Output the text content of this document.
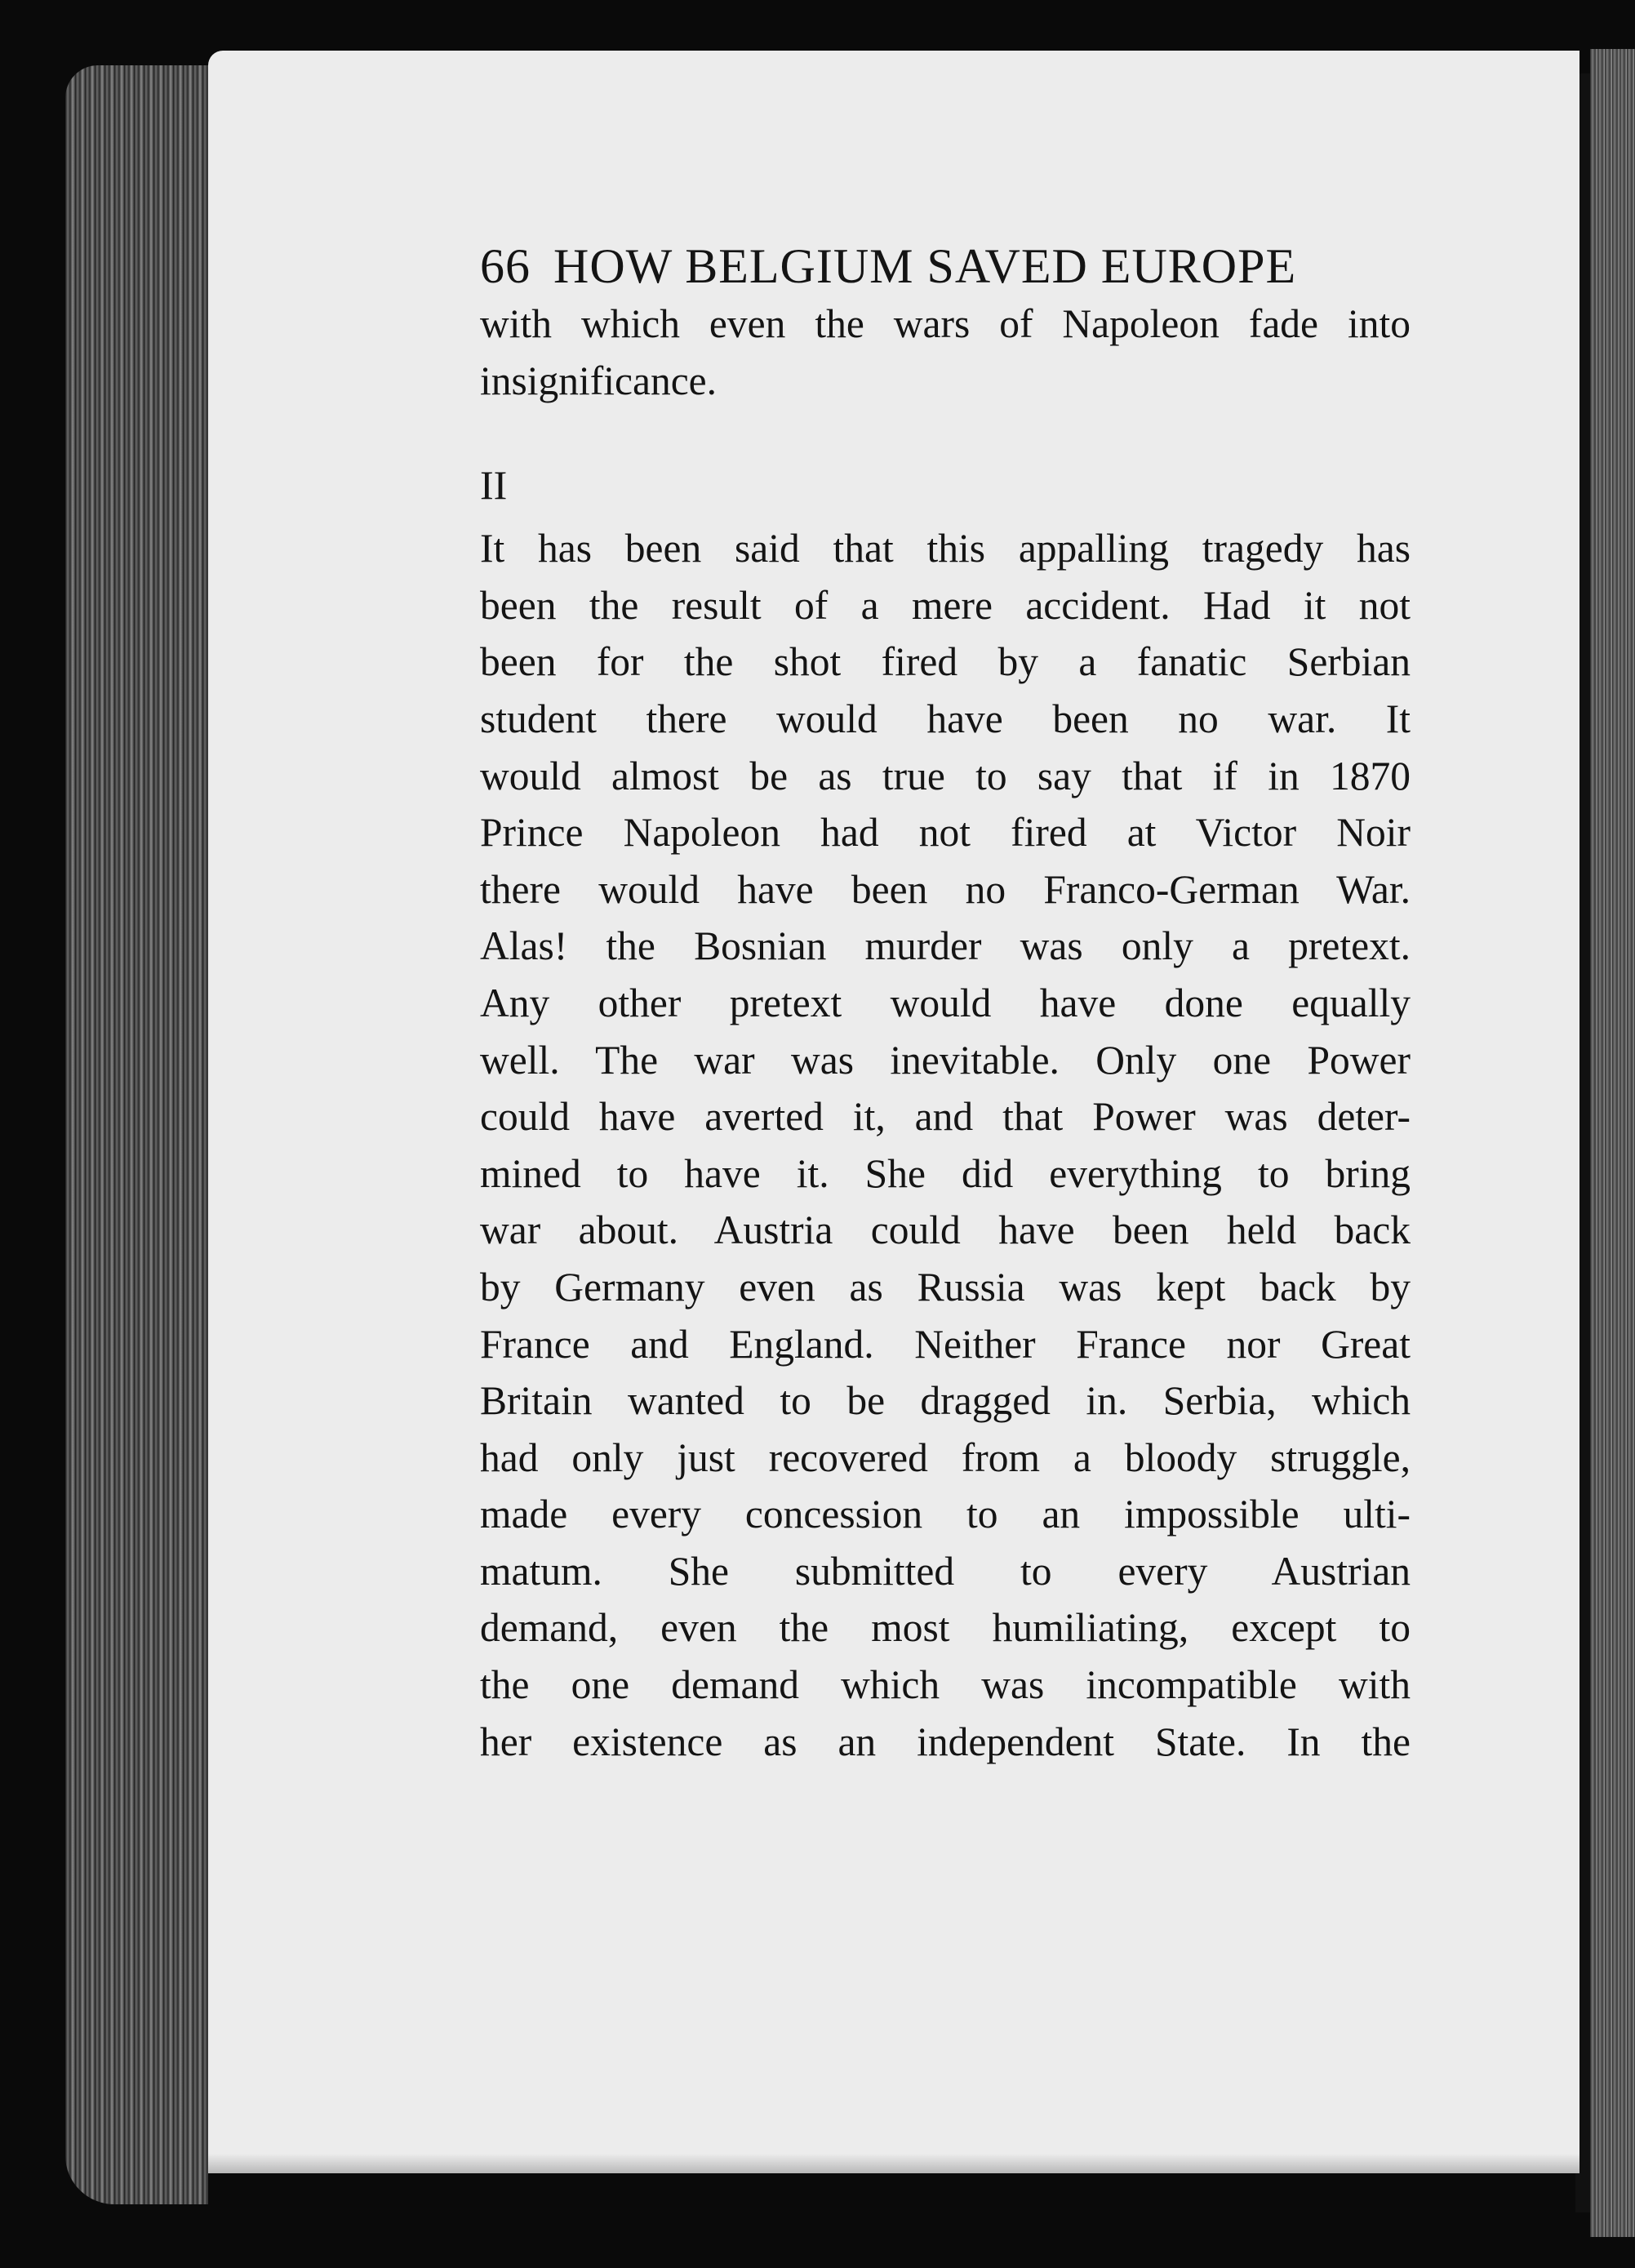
66 HOW BELGIUM SAVED EUROPE
with which even the wars of Napoleon fade into
insignificance.
II
It has been said that this appalling tragedy has
been the result of a mere accident. Had it not
been for the shot fired by a fanatic Serbian
student there would have been no war. It
would almost be as true to say that if in 1870
Prince Napoleon had not fired at Victor Noir
there would have been no Franco-German War.
Alas! the Bosnian murder was only a pretext.
Any other pretext would have done equally
well. The war was inevitable. Only one Power
could have averted it, and that Power was deter-
mined to have it. She did everything to bring
war about. Austria could have been held back
by Germany even as Russia was kept back by
France and England. Neither France nor Great
Britain wanted to be dragged in. Serbia, which
had only just recovered from a bloody struggle,
made every concession to an impossible ulti-
matum. She submitted to every Austrian
demand, even the most humiliating, except to
the one demand which was incompatible with
her existence as an independent State. In the
